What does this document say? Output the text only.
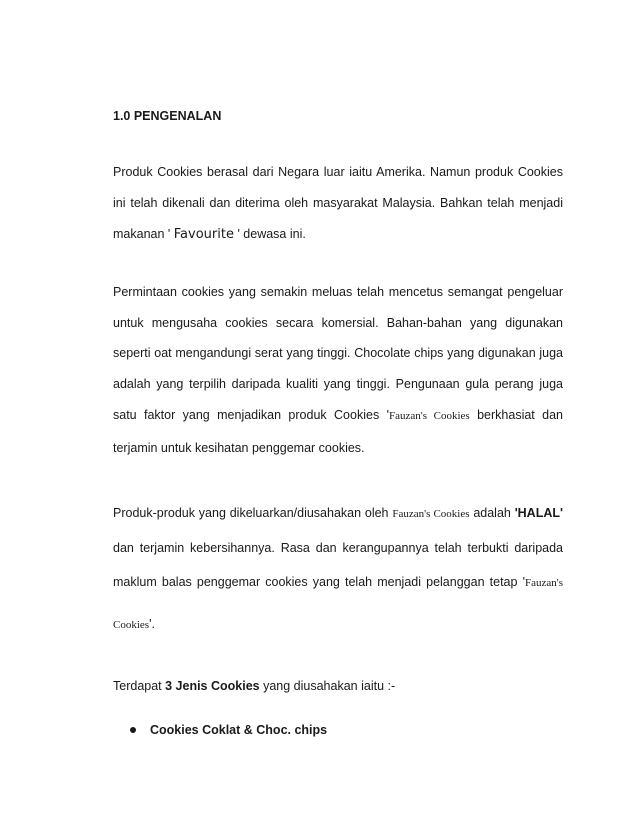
1.0 PENGENALAN
Produk Cookies berasal dari Negara luar iaitu Amerika. Namun produk Cookies
ini telah dikenali dan diterima oleh masyarakat Malaysia. Bahkan telah menjadi
makanan ' Favourite ' dewasa ini.
Permintaan cookies yang semakin meluas telah mencetus semangat pengeluar
untuk mengusaha cookies secara komersial. Bahan-bahan yang digunakan
seperti oat mengandungi serat yang tinggi. Chocolate chips yang digunakan juga
adalah yang terpilih daripada kualiti yang tinggi. Pengunaan gula perang juga
satu faktor yang menjadikan produk Cookies 'Fauzan's Cookies berkhasiat dan
terjamin untuk kesihatan penggemar cookies.
Produk-produk yang dikeluarkan/diusahakan oleh Fauzan's Cookies adalah 'HALAL'
dan terjamin kebersihannya. Rasa dan kerangupannya telah terbukti daripada
maklum balas penggemar cookies yang telah menjadi pelanggan tetap 'Fauzan's
Cookies'.
Terdapat 3 Jenis Cookies yang diusahakan iaitu :-
Cookies Coklat & Choc. chips
